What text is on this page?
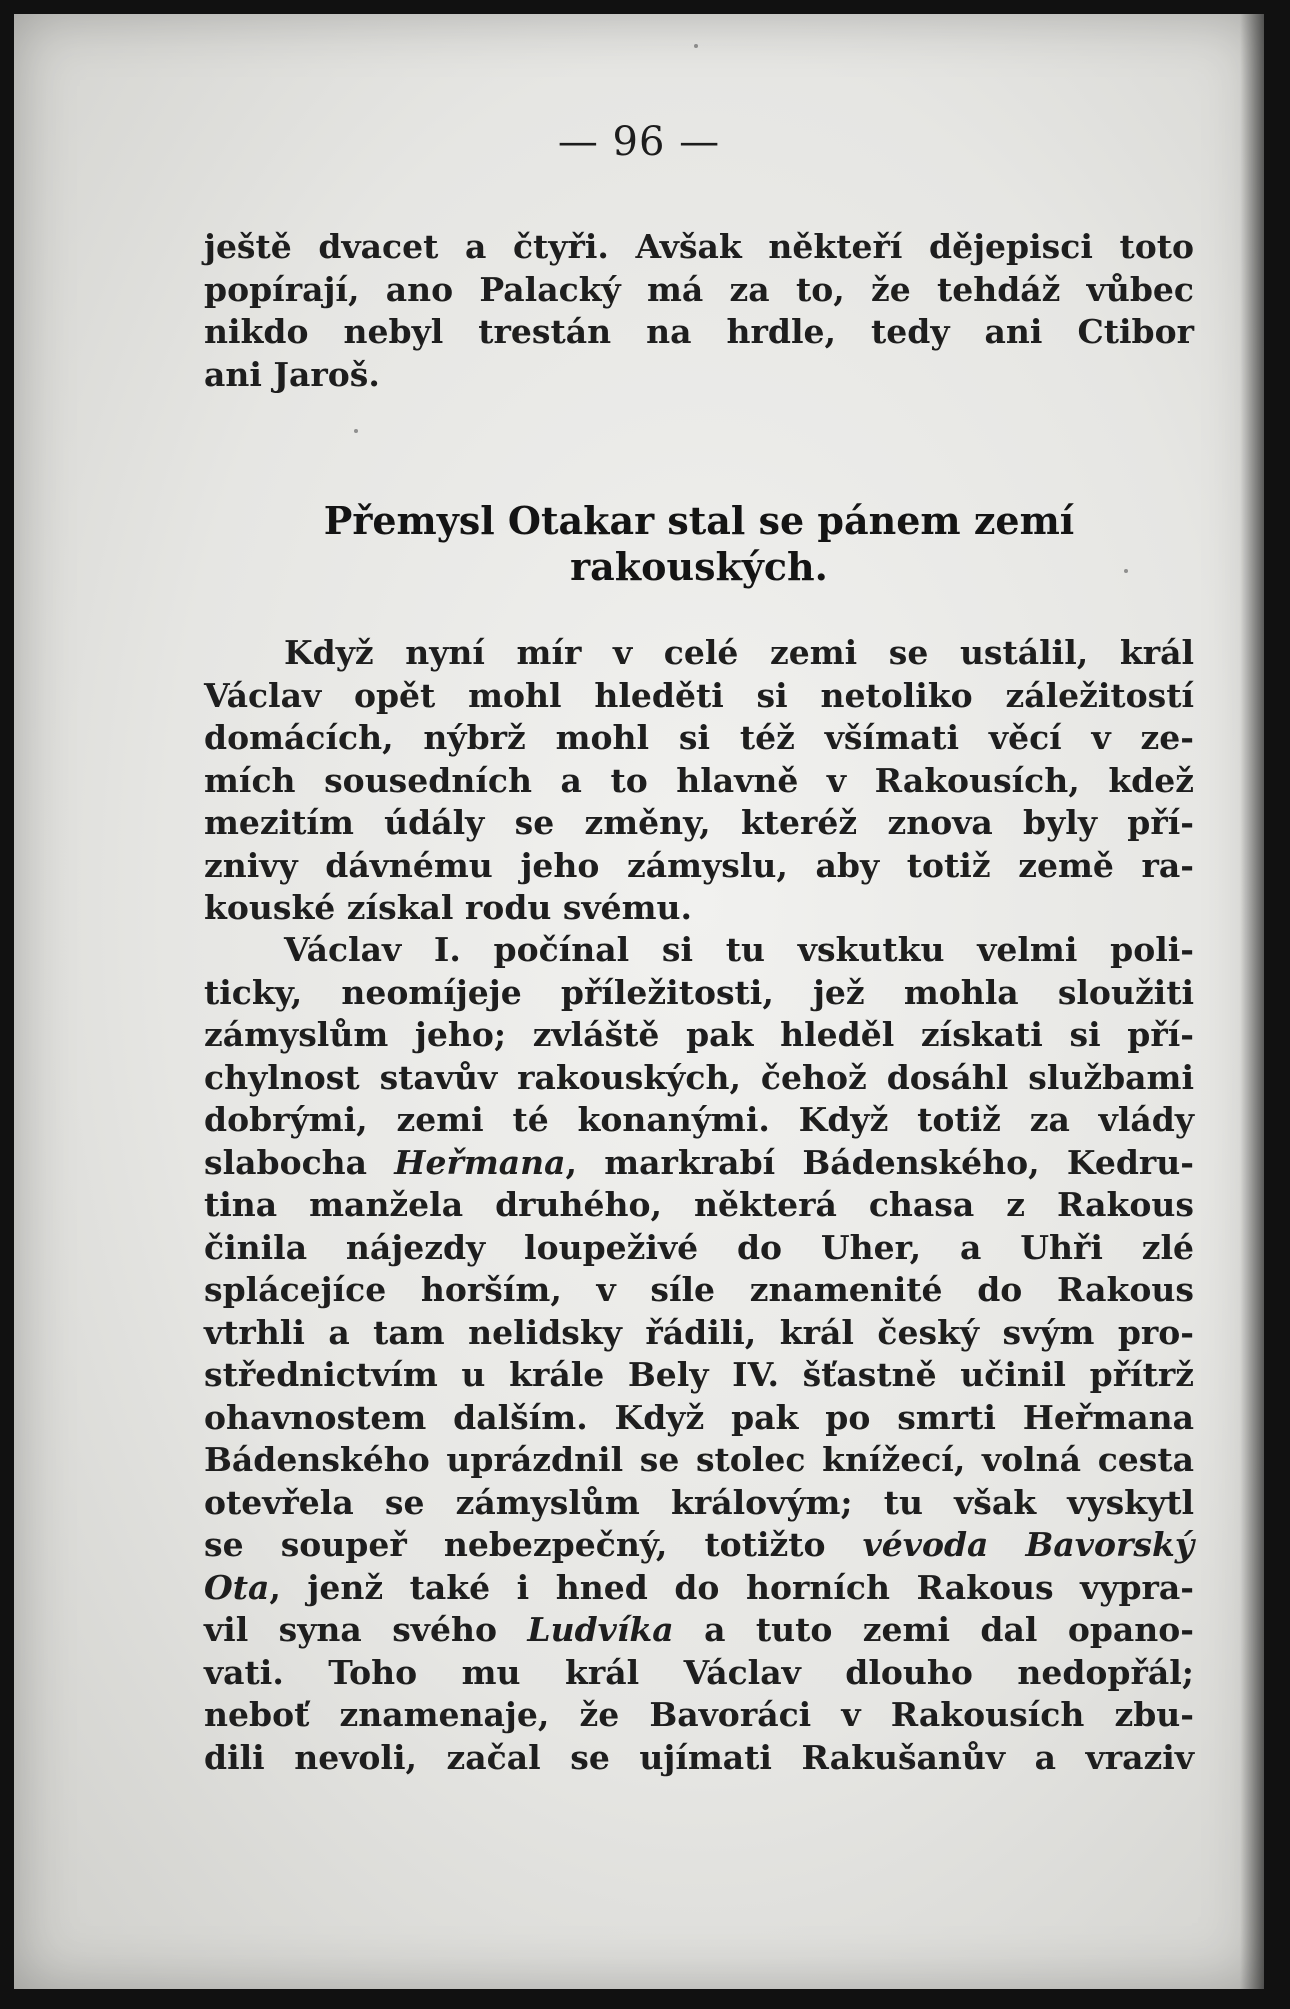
— 96 —
ještě dvacet a čtyři. Avšak někteří dějepisci toto
popírají, ano Palacký má za to, že tehdáž vůbec
nikdo nebyl trestán na hrdle, tedy ani Ctibor
ani Jaroš.
Přemysl Otakar stal se pánem zemí
rakouských.
Když nyní mír v celé zemi se ustálil, král
Václav opět mohl hleděti si netoliko záležitostí
domácích, nýbrž mohl si též všímati věcí v ze-
mích sousedních a to hlavně v Rakousích, kdež
mezitím údály se změny, kteréž znova byly pří-
znivy dávnému jeho zámyslu, aby totiž země ra-
kouské získal rodu svému.
Václav I. počínal si tu vskutku velmi poli-
ticky, neomíjeje příležitosti, jež mohla sloužiti
zámyslům jeho; zvláště pak hleděl získati si pří-
chylnost stavův rakouských, čehož dosáhl službami
dobrými, zemi té konanými. Když totiž za vlády
slabocha Heřmana, markrabí Bádenského, Kedru-
tina manžela druhého, některá chasa z Rakous
činila nájezdy loupeživé do Uher, a Uhři zlé
splácejíce horším, v síle znamenité do Rakous
vtrhli a tam nelidsky řádili, král český svým pro-
střednictvím u krále Bely IV. šťastně učinil přítrž
ohavnostem dalším. Když pak po smrti Heřmana
Bádenského uprázdnil se stolec knížecí, volná cesta
otevřela se zámyslům královým; tu však vyskytl
se soupeř nebezpečný, totižto vévoda Bavorský
Ota, jenž také i hned do horních Rakous vypra-
vil syna svého Ludvíka a tuto zemi dal opano-
vati. Toho mu král Václav dlouho nedopřál;
neboť znamenaje, že Bavoráci v Rakousích zbu-
dili nevoli, začal se ujímati Rakušanův a vraziv
